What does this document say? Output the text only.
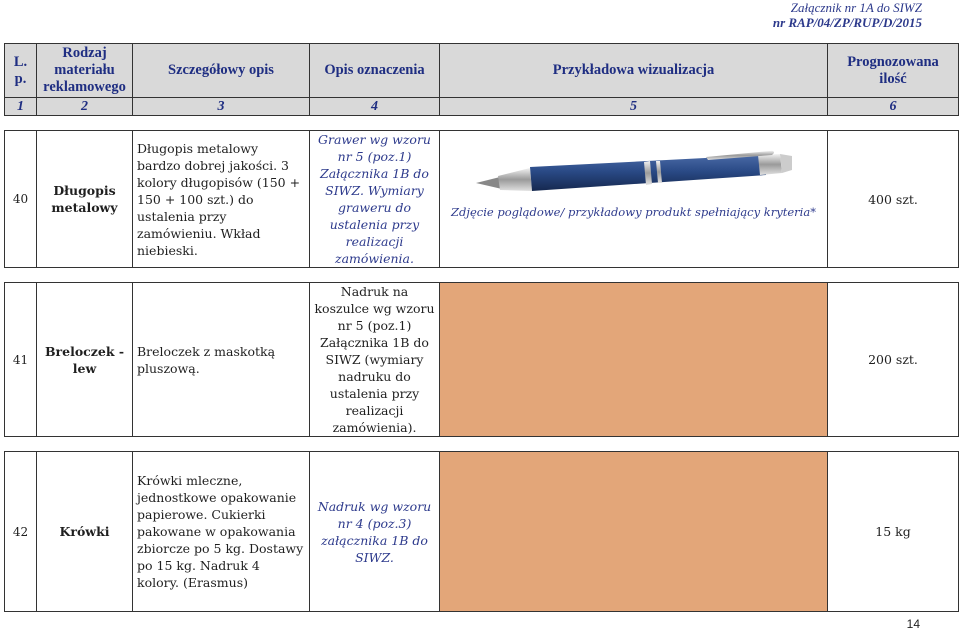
Załącznik nr 1A do SIWZ
nr RAP/04/ZP/RUP/D/2015
L. p.	Rodzaj materiału reklamowego	Szczegółowy opis	Opis oznaczenia	Przykładowa wizualizacja	Prognozowana ilość
1	2	3	4	5	6

40	Długopis metalowy	Długopis metalowy bardzo dobrej jakości. 3 kolory długopisów (150 + 150 + 100 szt.) do ustalenia przy zamówieniu. Wkład niebieski.	Grawer wg wzoru nr 5 (poz.1) Załącznika 1B do SIWZ. Wymiary graweru do ustalenia przy realizacji zamówienia.	Zdjęcie poglądowe/ przykładowy produkt spełniający kryteria*	400 szt.

41	Breloczek - lew	Breloczek z maskotką pluszową.	Nadruk na koszulce wg wzoru nr 5 (poz.1) Załącznika 1B do SIWZ (wymiary nadruku do ustalenia przy realizacji zamówienia).		200 szt.

42	Krówki	Krówki mleczne, jednostkowe opakowanie papierowe. Cukierki pakowane w opakowania zbiorcze po 5 kg. Dostawy po 15 kg. Nadruk 4 kolory. (Erasmus)	Nadruk wg wzoru nr 4 (poz.3) załącznika 1B do SIWZ.		15 kg
14
